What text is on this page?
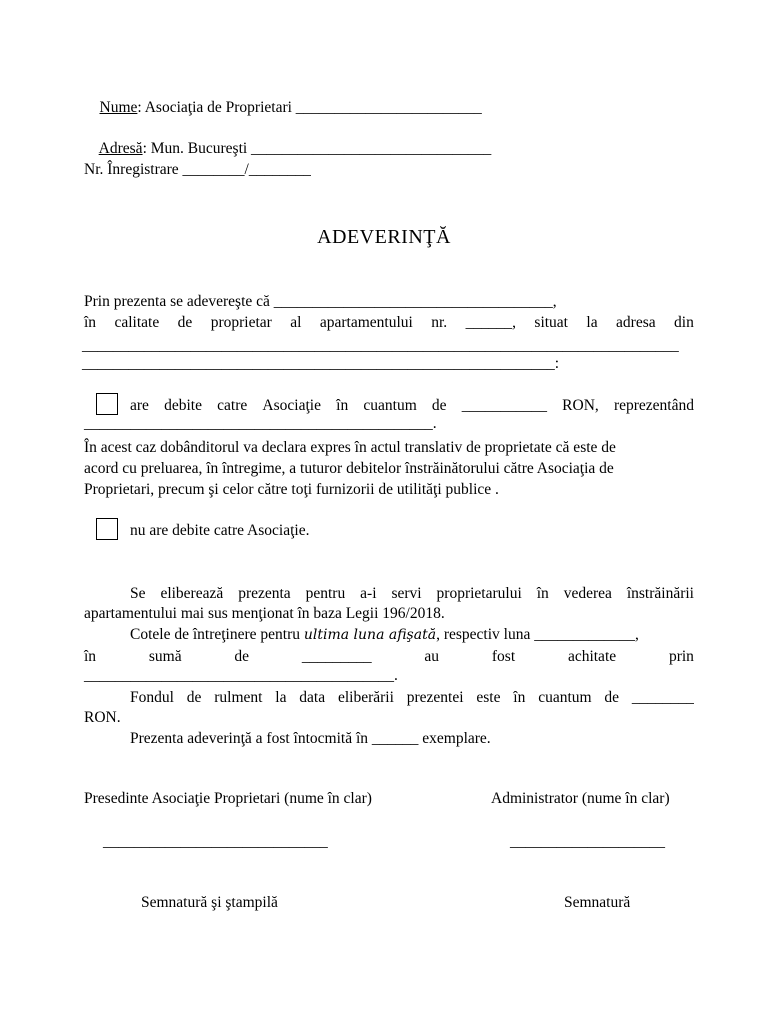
Nume: Asociaţia de Proprietari ________________________

Adresă: Mun. Bucureşti _______________________________

Nr. Înregistrare ________/________
ADEVERINŢĂ
Prin prezenta se adevereşte că ____________________________________,
în calitate de proprietar al apartamentului nr. ______, situat la adresa din
_____________________________________________________________________________
_____________________________________________________________:
are debite catre Asociaţie în cuantum de ___________ RON, reprezentând
_____________________________________________.
În acest caz dobânditorul va declara expres în actul translativ de proprietate că este de
acord cu preluarea, în întregime, a tuturor debitelor înstrăinătorului către Asociaţia de
Proprietari, precum şi celor către toţi furnizorii de utilităţi publice .
nu are debite catre Asociaţie.
Se eliberează prezenta pentru a-i servi proprietarului în vederea înstrăinării
apartamentului mai sus menţionat în baza Legii 196/2018.
Cotele de întreţinere pentru ultima luna afişată, respectiv luna _____________,
în	sumă	de	_________	au	fost	achitate	prin
________________________________________.
Fondul de rulment la data eliberării prezentei este în cuantum de ________
RON.
Prezenta adeverinţă a fost întocmită în ______ exemplare.
Presedinte Asociaţie Proprietari (nume în clar)	Administrator (nume în clar)
_____________________________	____________________
Semnatură şi ştampilă	Semnatură
